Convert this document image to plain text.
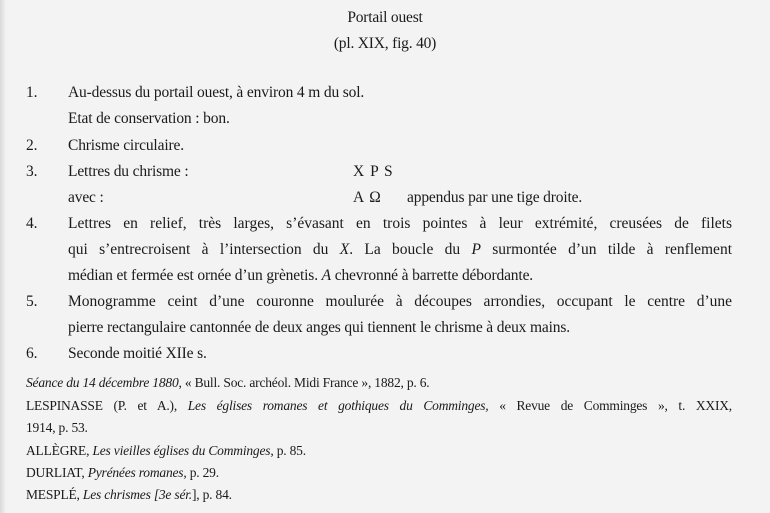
Portail ouest
(pl. XIX, fig. 40)
1.	Au-dessus du portail ouest, à environ 4 m du sol.
Etat de conservation : bon.
2.	Chrisme circulaire.
3.	Lettres du chrisme :	X P S
avec :	A Ω appendus par une tige droite.
4.	Lettres en relief, très larges, s’évasant en trois pointes à leur extrémité, creusées de filets
qui s’entrecroisent à l’intersection du X. La boucle du P surmontée d’un tilde à renflement
médian et fermée est ornée d’un grènetis. A chevronné à barrette débordante.
5.	Monogramme ceint d’une couronne moulurée à découpes arrondies, occupant le centre d’une
pierre rectangulaire cantonnée de deux anges qui tiennent le chrisme à deux mains.
6.	Seconde moitié XIIe s.
Séance du 14 décembre 1880, « Bull. Soc. archéol. Midi France », 1882, p. 6.
LESPINASSE (P. et A.), Les églises romanes et gothiques du Comminges, « Revue de Comminges », t. XXIX,
1914, p. 53.
ALLÈGRE, Les vieilles églises du Comminges, p. 85.
DURLIAT, Pyrénées romanes, p. 29.
MESPLÉ, Les chrismes [3e sér.], p. 84.
